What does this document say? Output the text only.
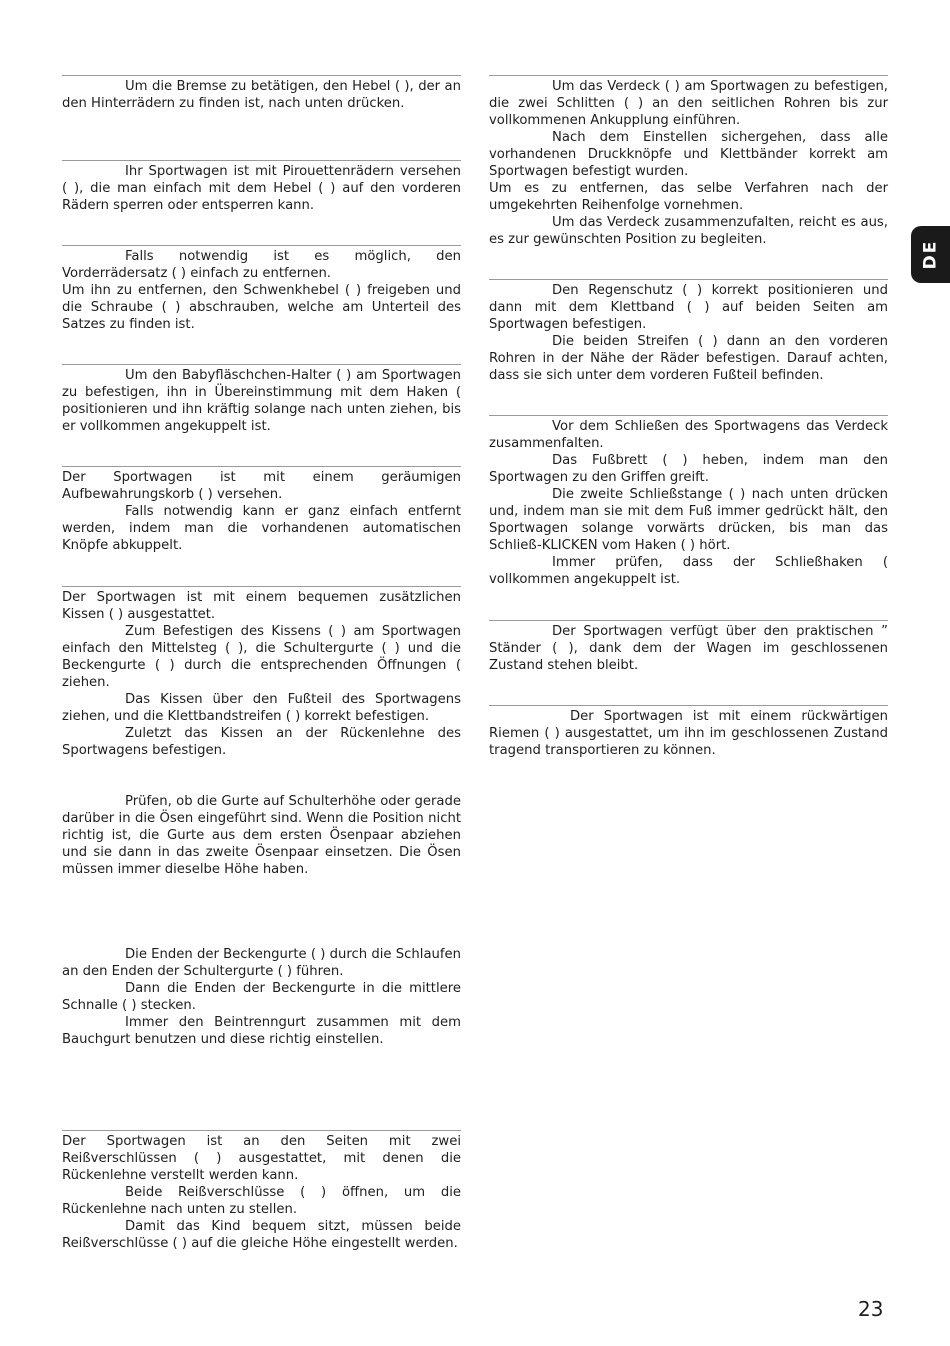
Um die Bremse zu betätigen, den Hebel ( ), der an den Hinterrädern zu finden ist, nach unten drücken.

Ihr Sportwagen ist mit Pirouettenrädern versehen ( ), die man einfach mit dem Hebel ( ) auf den vorderen Rädern sperren oder entsperren kann.

Falls notwendig ist es möglich, den Vorderrädersatz ( ) einfach zu entfernen.

Um ihn zu entfernen, den Schwenkhebel ( ) freigeben und die Schraube ( ) abschrauben, welche am Unterteil des Satzes zu finden ist.

Um den Babyfläschchen-Halter ( ) am Sportwagen zu befestigen, ihn in Übereinstimmung mit dem Haken ( positionieren und ihn kräftig solange nach unten ziehen, bis er vollkommen angekuppelt ist.

Der Sportwagen ist mit einem geräumigen Aufbewahrungskorb ( ) versehen.

Falls notwendig kann er ganz einfach entfernt werden, indem man die vorhandenen automatischen Knöpfe abkuppelt.

Der Sportwagen ist mit einem bequemen zusätzlichen Kissen ( ) ausgestattet.

Zum Befestigen des Kissens ( ) am Sportwagen einfach den Mittelsteg ( ), die Schultergurte ( ) und die Beckengurte ( ) durch die entsprechenden Öffnungen ( ziehen.

Das Kissen über den Fußteil des Sportwagens ziehen, und die Klettbandstreifen ( ) korrekt befestigen.

Zuletzt das Kissen an der Rückenlehne des Sportwagens befestigen.

Prüfen, ob die Gurte auf Schulterhöhe oder gerade darüber in die Ösen eingeführt sind. Wenn die Position nicht richtig ist, die Gurte aus dem ersten Ösenpaar abziehen und sie dann in das zweite Ösenpaar einsetzen. Die Ösen müssen immer dieselbe Höhe haben.

Die Enden der Beckengurte ( ) durch die Schlaufen an den Enden der Schultergurte ( ) führen.

Dann die Enden der Beckengurte in die mittlere Schnalle ( ) stecken.

Immer den Beintrenngurt zusammen mit dem Bauchgurt benutzen und diese richtig einstellen.

Der Sportwagen ist an den Seiten mit zwei Reißverschlüssen ( ) ausgestattet, mit denen die Rückenlehne verstellt werden kann.

Beide Reißverschlüsse ( ) öffnen, um die Rückenlehne nach unten zu stellen.

Damit das Kind bequem sitzt, müssen beide Reißverschlüsse ( ) auf die gleiche Höhe eingestellt werden.

Um das Verdeck ( ) am Sportwagen zu befestigen, die zwei Schlitten ( ) an den seitlichen Rohren bis zur vollkommenen Ankupplung einführen.

Nach dem Einstellen sichergehen, dass alle vorhandenen Druckknöpfe und Klettbänder korrekt am Sportwagen befestigt wurden.

Um es zu entfernen, das selbe Verfahren nach der umgekehrten Reihenfolge vornehmen.

Um das Verdeck zusammenzufalten, reicht es aus, es zur gewünschten Position zu begleiten.

Den Regenschutz ( ) korrekt positionieren und dann mit dem Klettband ( ) auf beiden Seiten am Sportwagen befestigen.

Die beiden Streifen ( ) dann an den vorderen Rohren in der Nähe der Räder befestigen. Darauf achten, dass sie sich unter dem vorderen Fußteil befinden.

Vor dem Schließen des Sportwagens das Verdeck zusammenfalten.

Das Fußbrett ( ) heben, indem man den Sportwagen zu den Griffen greift.

Die zweite Schließstange ( ) nach unten drücken und, indem man sie mit dem Fuß immer gedrückt hält, den Sportwagen solange vorwärts drücken, bis man das Schließ-KLICKEN vom Haken ( ) hört.

Immer prüfen, dass der Schließhaken ( vollkommen angekuppelt ist.

Der Sportwagen verfügt über den praktischen ” Ständer ( ), dank dem der Wagen im geschlossenen Zustand stehen bleibt.

Der Sportwagen ist mit einem rückwärtigen Riemen ( ) ausgestattet, um ihn im geschlossenen Zustand tragend transportieren zu können.

DE
23
